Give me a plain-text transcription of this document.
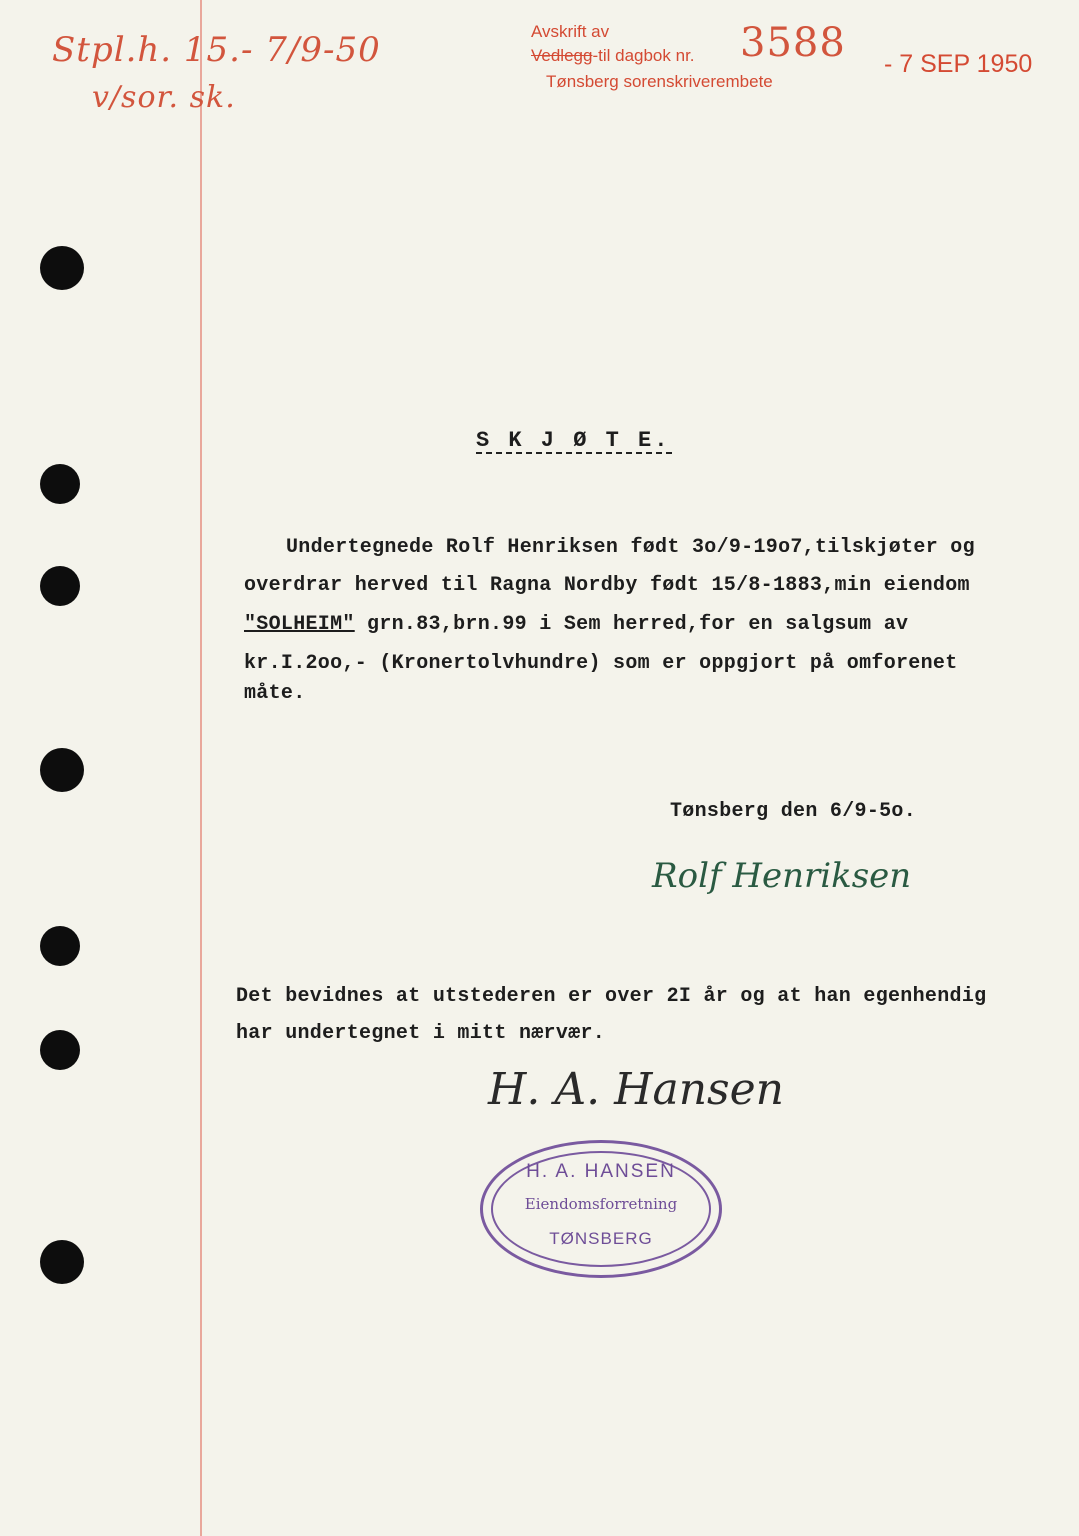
Stpl.h. 15.- 7/9-50
v/sor. sk.
Avskrift av
Vedlegg-til dagbok nr. 3588
Tønsberg sorenskriverembete
- 7 SEP 1950
S K J Ø T E.
Undertegnede Rolf Henriksen født 3o/9-19o7,tilskjøter og
overdrar herved til Ragna Nordby født 15/8-1883,min eiendom
"SOLHEIM" grn.83,brn.99 i Sem herred,for en salgsum av
kr.I.2oo,- (Kronertolvhundre) som er oppgjort på omforenet
måte.
Tønsberg den 6/9-5o.
Rolf Henriksen
Det bevidnes at utstederen er over 2I år og at han egenhendig
har undertegnet i mitt nærvær.
H. A. Hansen
H. A. HANSEN
Eiendomsforretning
TØNSBERG
